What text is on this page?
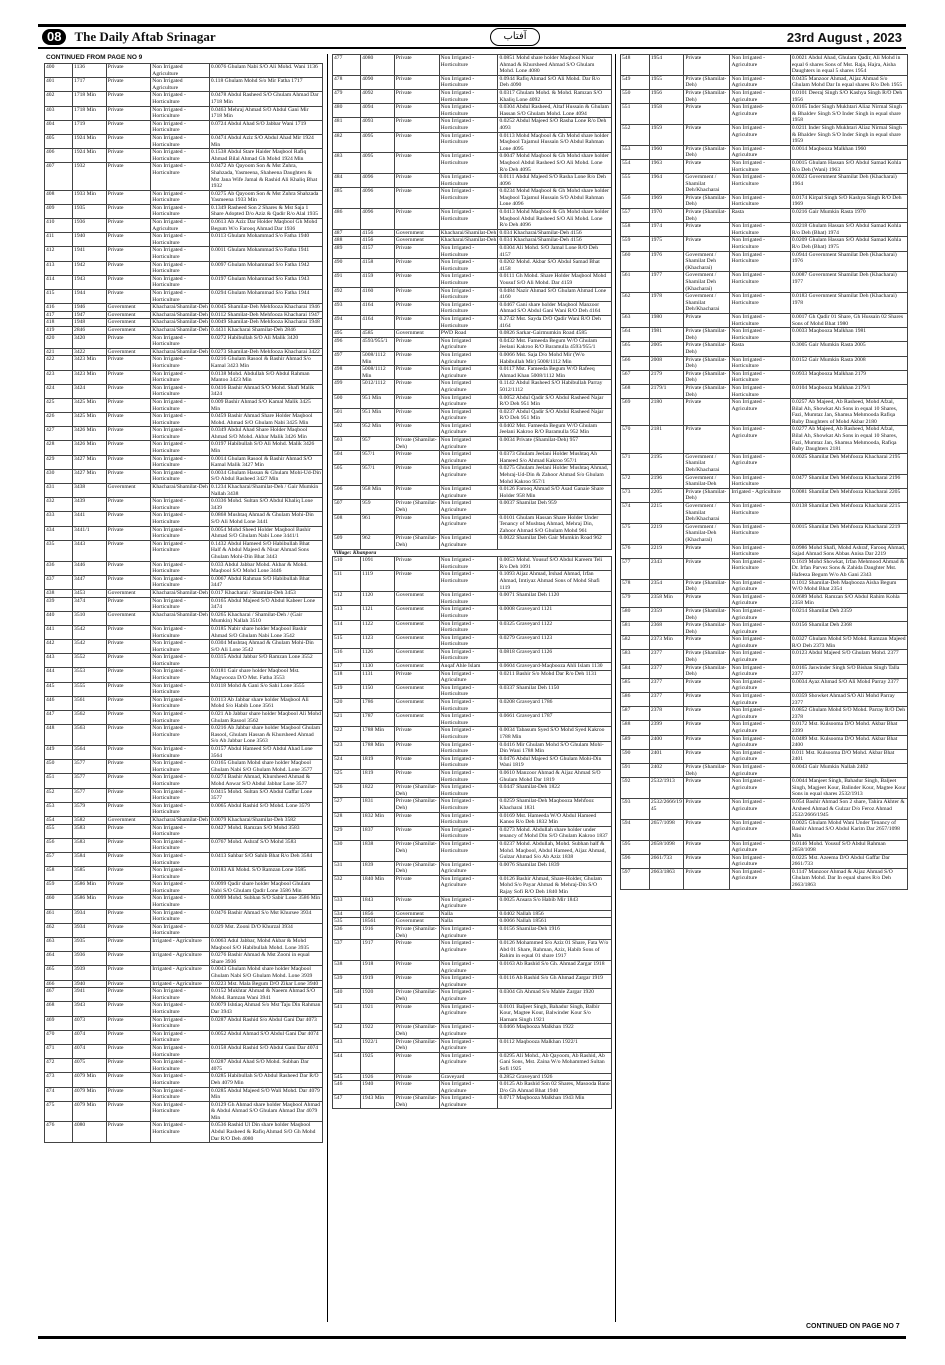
08	The Daily Aftab Srinagar	آفتاب	23rd August , 2023
CONTINUED FROM PAGE NO 9
400	1136	Private	Non Irrigated Agriculture	0.0076 Ghulam Nabi S/O Ali Mohd. Wani 1136
401	1717	Private	Non Irrigated Agriculture	0.118 Ghulam Mohd S/o Mir Fatha 1717
402	1718 Min	Private	Non Irrigated - Horticulture	0.0478 Abdul Rasheed S/O Ghulam Ahmad Dar 1718 Min
403	1718 Min	Private	Non Irrigated - Horticulture	0.0463 Mehraj Ahmad S/O Abdul Gani Mir 1718 Min
404	1719	Private	Non Irrigated - Horticulture	0.0724 Abdul Ahad S/O Jabbar Wani 1719
405	1924 Min	Private	Non Irrigated - Horticulture	0.0474 Abdul Aziz S/O Abdul Ahad Mir 1924 Min
406	1924 Min	Private	Non Irrigated - Horticulture	0.1538 Abdul Stare Haider Maqbool Rafiq Ahmad Bilal Ahmad Gh Mohd 1924 Min
407	1932	Private	Non Irrigated - Horticulture	0.0472 Ab Qayoom Son & Mst Zuhra, Shahzada, Yasmeena, Shaheena Daughters & Mst Jana Wife Jamal & Rashid Ali Khaliq Bhat 1932
408	1933 Min	Private	Non Irrigated - Horticulture	0.0275 Ab Qayoom Son & Mst Zuhra Shahzada Yasmeena 1933 Min
409	1935	Private	Non Irrigated - Horticulture	0.1349 Rasheed Son 2 Shares & Mst Saja 1 Share Adopted D/o Aziz & Qadir R/o Alal 1935
410	1936	Private	Non Irrigated - Agriculture	0.0613 Ab Aziz Dar Holder Maqbool Gh Mohd Begum W/o Farooq Ahmad Dar 1936
411	1940	Private	Non Irrigated - Horticulture	0.0113 Ghulam Mohammad S/o Fatha 1940
412	1941	Private	Non Irrigated - Horticulture	0.0011 Ghulam Mohammad S/o Fatha 1941
413	1942	Private	Non Irrigated - Horticulture	0.0097 Ghulam Mohammad S/o Fatha 1942
414	1943	Private	Non Irrigated - Horticulture	0.0197 Ghulam Mohammad S/o Fatha 1943
415	1944	Private	Non Irrigated - Horticulture	0.0294 Ghulam Mohammad S/o Fatha 1944
416	1946	Government	Khacharai/Shamilat-Deh	0.0045 Shamilat-Deh Mehfooza Khacharai 1946
417	1947	Government	Khacharai/Shamilat-Deh	0.0112 Shamilat-Deh Mehfooza Khacharai 1947
418	1948	Government	Khacharai/Shamilat-Deh	0.0049 Shamilat-Deh Mehfooza Khacharai 1948
419	2846	Government	Khacharai/Shamilat-Deh	0.4431 Khacharai Shamilat-Deh 2846
420	3420	Private	Non Irrigated - Horticulture	0.0272 Habibullah S/O Ali Malik 3420
421	3422	Government	Khacharai/Shamilat-Deh	0.0273 Shamilat-Deh Mehfooza Khacharai 3422
422	3423 Min	Private	Non Irrigated - Horticulture	0.0216 Ghulam Rasool & Bashir Ahmad S/o Kamal 3423 Min
423	3423 Min	Private	Non Irrigated - Horticulture	0.0138 Mohd. Abdullah S/O Abdul Rahman Mantoo 3423 Min
424	3424	Private	Non Irrigated - Horticulture	0.0416 Bashir Ahmad S/O Mohd. Shafi Malik 3424
425	3425 Min	Private	Non Irrigated - Horticulture	0.009 Bashir Ahmad S/O Kamal Malik 3425 Min
426	3425 Min	Private	Non Irrigated - Horticulture	0.0459 Bashir Ahmad Share Holder Maqbool Mohd. Ahmad S/O Ghulam Nabi 3425 Min
427	3426 Min	Private	Non Irrigated - Horticulture	0.0349 Abdul Ahad Share Holder Maqbool Ahmad S/O Mohd. Akbar Malik 3426 Min
428	3426 Min	Private	Non Irrigated - Horticulture	0.0197 Habibullah S/O Ali Mohd. Malik 3426 Min
429	3427 Min	Private	Non Irrigated - Horticulture	0.0014 Ghulam Rasool & Bashir Ahmad S/O Kamal Malik 3427 Min
430	3427 Min	Private	Non Irrigated - Horticulture	0.0034 Ghulam Hassan & Ghulam Mohi-Ud-Din S/O Abdul Rasheed 3427 Min
431	3438	Government	Khacharai/Shamilat-Deh	0.1234 Khacharai/Shamilat-Deh / Gair Mumkin Nallah 3438
432	3439	Private	Non Irrigated - Horticulture	0.0336 Mohd. Sultan S/O Abdul Khaliq Lone 3439
433	3441	Private	Non Irrigated - Horticulture	0.0868 Mushtaq Ahmad & Ghulam Mohi-Din S/O Ali Mohd Lone 3441
434	3441/1	Private	Non Irrigated - Horticulture	0.0054 Mohd Sheed Holder Maqbool Bashir Ahmad S/O Ghulam Nabi Lone 3441/1
435	3443	Private	Non Irrigated - Horticulture	0.1432 Abdul Hameed S/O Habibullah Bhat Half & Abdul Majeed & Nisar Ahmad Sons Ghulam Mohi-Din Bhat 3443
436	3446	Private	Non Irrigated - Horticulture	0.033 Abdul Jabbar Mohd. Akbar & Mohd. Maqbool S/O Mohd Lone 3446
437	3447	Private	Non Irrigated - Horticulture	0.0067 Abdul Rahman S/O Habibullah Bhat 3447
438	3453	Government	Khacharai/Shamilat-Deh	0.017 Khacharai / Shamilat-Deh 3453
439	3474	Private	Non Irrigated - Horticulture	0.0165 Abdul Majeed S/O Abdul Kabeer Lone 3474
440	3510	Government	Khacharai/Shamilat-Deh	0.0265 Khacharai / Shamilat-Deh / (Gair Mumkin) Nallah 3510
441	3542	Private	Non Irrigated - Horticulture	0.0185 Nabir share holder Maqbool Bashir Ahmad S/O Ghulam Nabi Lone 3542
442	3542	Private	Non Irrigated - Horticulture	0.0304 Mushtaq Ahmad & Ghulam Mohi-Din S/O Ali Lone 3542
443	3552	Private	Non Irrigated - Horticulture	0.0315 Abdul Jabbar S/O Ramzan Lone 3552
444	3553	Private	Non Irrigated - Horticulture	0.0181 Gair share holder Maqbool Mst. Magwooza D/O Mst. Fatha 3553
445	3555	Private	Non Irrigated - Horticulture	0.0118 Mohd & Gani S/o Sahi Lone 3555
446	3561	Private	Non Irrigated - Horticulture	0.0113 Ab Jabbar share holder Maqbool Ali Mohd S/o Habib Lone 3561
447	3562	Private	Non Irrigated - Horticulture	0.021 Ab Jabbar share holder Maqbool Ali Mohd Ghulam Rasool 3562
448	3563	Private	Non Irrigated - Horticulture	0.0216 Ab Jabbar share holder Maqbool Ghulam Rasool, Ghulam Hassan & Khursheed Ahmad S/o Ab Jabbar Lone 3563
449	3564	Private	Non Irrigated - Horticulture	0.0157 Abdul Hameed S/O Abdul Ahad Lone 3564
450	3577	Private	Non Irrigated - Horticulture	0.0165 Ghulam Mohd share holder Maqbool Ghulam Nabi S/O Ghulam Mohd. Lone 3577
451	3577	Private	Non Irrigated - Horticulture	0.0274 Bashir Ahmad, Khursheed Ahmad & Mohd Anwar S/O Abdul Jabbar Lone 3577
452	3577	Private	Non Irrigated - Horticulture	0.0415 Mohd. Sultan S/O Abdul Gaffar Lone 3577
453	3579	Private	Non Irrigated - Horticulture	0.0065 Abdul Rashid S/O Mohd. Lone 3579
454	3582	Government	Khacharai/Shamilat-Deh	0.0079 Khacharai/Shamilat-Deh 3582
455	3583	Private	Non Irrigated - Horticulture	0.0427 Mohd. Ramzan S/O Mohd 3583
456	3583	Private	Non Irrigated - Horticulture	0.0767 Mohd. Ashraf S/O Mohd 3583
457	3584	Private	Non Irrigated - Horticulture	0.0413 Sahbar S/O Sahib Bhat R/o Deh 3584
458	3585	Private	Non Irrigated - Horticulture	0.0183 Ali Mohd. S/O Ramzan Lone 3585
459	3586 Min	Private	Non Irrigated - Horticulture	0.0099 Qadir share holder Maqbool Ghulam Nabi S/O Ghulam Qadir Lone 3586 Min
460	3586 Min	Private	Non Irrigated - Horticulture	0.0099 Mohd. Subhan S/O Sabir Lone 3586 Min
461	3934	Private	Non Irrigated - Horticulture	0.0476 Bashir Ahmad S/o Mst Khursee 3934
462	3934	Private	Non Irrigated - Horticulture	0.029 Mst. Zooni D/O Khurzal 3934
463	3935	Private	Irrigated - Agriculture	0.0063 Adul Jabbar, Mohd Akbar & Mohd Maqbool S/O Habibullah Mohd. Lone 3935
464	3936	Private	Irrigated - Agriculture	0.0276 Bashir Ahmad & Mst Zooni in equal Share 3936
465	3939	Private	Irrigated - Agriculture	0.0043 Ghulam Mohd share holder Maqbool Ghulam Nabi S/O Ghulam Mohd. Lone 3939
466	3940	Private	Irrigated - Agriculture	0.0223 Mst. Mala Begum D/O Zikar Lone 3940
467	3941	Private	Non Irrigated - Horticulture	0.0152 Mukhtar Ahmad & Naeem Ahmad S/O Mohd. Ramzan Wani 3941
468	3943	Private	Non Irrigated - Horticulture	0.0079 Ishtiaq Ahmad S/o Mst Taju Din Rahman Dar 3943
469	4073	Private	Non Irrigated - Horticulture	0.0287 Abdul Rashid S/o Abdul Gani Dar 4073
470	4074	Private	Non Irrigated - Horticulture	0.0052 Abdul Ahmad S/O Abdul Gani Dar 4074
471	4074	Private	Non Irrigated - Horticulture	0.0158 Abdul Rashid S/O Abdul Gani Dar 4074
472	4075	Private	Non Irrigated - Horticulture	0.0287 Abdul Ahad S/O Mohd. Subhan Dar 4075
473	4079 Min	Private	Non Irrigated - Horticulture	0.0285 Habibullah S/O Abdul Rasheed Dar R/O Deh 4079 Min
474	4079 Min	Private	Non Irrigated - Horticulture	0.0285 Abdul Majeed S/O Wali Mohd. Dar 4079 Min
475	4079 Min	Private	Non Irrigated - Horticulture	0.0129 Gh Ahmad share holder Maqbool Ahmad & Abdul Ahmad S/O Ghulam Ahmad Dar 4079 Min
476	4080	Private	Non Irrigated - Horticulture	0.0536 Rashid Ul Din share holder Maqbool Abdul Rasheed & Rafiq Ahmad S/O Gh Mohd Dar R/O Deh 4080
477	4080	Private	Non Irrigated - Horticulture	0.0851 Mohd share holder Maqbool Nisar Ahmad & Khursheed Ahmad S/O Ghulam Mohd. Lone 4080
478	4090	Private	Non Irrigated - Horticulture	0.0944 Rafiq Ahmad S/O Ali Mohd. Dar R/o Deh 4090
479	4092	Private	Non Irrigated - Horticulture	0.0317 Ghulam Mohd. & Mohd. Ramzan S/O Khaliq Lone 4092
480	4094	Private	Non Irrigated - Horticulture	0.0304 Abdul Rasheed, Altaf Hussain & Ghulam Hassan S/O Ghulam Mohd. Lone 4094
481	4093	Private	Non Irrigated - Horticulture	0.0252 Abdul Majeed S/O Rasha Lone R/o Deh 4093
482	4095	Private	Non Irrigated - Horticulture	0.0113 Mohd Maqbool & Gh Mohd share holder Maqbool Tajamul Hussain S/O Abdul Rahman Lone 4095
483	4095	Private	Non Irrigated - Horticulture	0.0047 Mohd Maqbool & Gh Mohd share holder Maqbool Abdul Rasheed S/O Ali Mohd. Lone R/o Deh 4095
484	4096	Private	Non Irrigated - Horticulture	0.0111 Abdul Majeed S/O Rasha Lone R/o Deh 4096
485	4096	Private	Non Irrigated - Horticulture	0.0234 Mohd Maqbool & Gh Mohd share holder Maqbool Tajamul Hussain S/O Abdul Rahman Lone 4096
486	4096	Private	Non Irrigated - Horticulture	0.0413 Mohd Maqbool & Gh Mohd share holder Maqbool Abdul Rasheed S/O Ali Mohd. Lone R/o Deh 4096
487	4156	Government	Khacharai/Shamilat-Deh	0.034 Khacharai/Shamilat-Deh 4156
488	4156	Government	Khacharai/Shamilat-Deh	0.034 Khacharai/Shamilat-Deh 4156
489	4157	Private	Non Irrigated - Horticulture	0.0304 Ali Mohd. S/O Jamal Lone R/O Deh 4157
490	4158	Private	Non Irrigated - Horticulture	0.0202 Mohd. Akbar S/O Abdul Samad Bhat 4158
491	4159	Private	Non Irrigated - Horticulture	0.0111 Gh Mohd. Share Holder Maqbool Mohd Yousuf S/O Ali Mohd. Dar 4159
492	4160	Private	Non Irrigated - Horticulture	0.0484 Nazir Ahmad S/O Ghulam Ahmad Lone 4160
493	4164	Private	Non Irrigated - Horticulture	0.0467 Gani share holder Maqbool Manzoor Ahmad S/O Abdul Gani Wani R/O Deh 4164
494	4164	Private	Non Irrigated - Horticulture	0.2742 Mst. Sayda D/O Qadir Wani R/O Deh 4164
495	4585	Government	PWD Road	0.0826 Sarkar-Gairmumkin Road 4585
496	4593/955/1	Private	Non Irrigated Agriculture	0.0432 Mst. Fameeda Begum W/O Ghulam Jeelani Kakroo R/O Baramulla 4593/955/1
497	5008/1112 Min	Private	Non Irrigated Agriculture	0.0066 Mst. Saja D/o Mohd Mir (W/o Habibullah Mir) 5008/1112 Min
498	5008/1112 Min	Private	Non Irrigated Agriculture	0.0117 Mst. Fameeda Begum W/O Rafeeq Ahmad Khan 5008/1112 Min
499	5012/1112	Private	Non Irrigated Agriculture	0.1142 Abdul Rasheed S/O Habibullah Parray 5012/1112
500	951 Min	Private	Non Irrigated Agriculture	0.0052 Abdul Qadir S/O Abdul Rasheed Najar R/O Deh 951 Min
501	951 Min	Private	Non Irrigated Agriculture	0.0237 Abdul Qadir S/O Abdul Rasheed Najar R/O Deh 951 Min
502	952 Min	Private	Non Irrigated Agriculture	0.0402 Mst. Fameeda Begum W/O Ghulam Jeelani Kakroo R/O Baramulla 952 Min
503	957	Private (Shamilat-Deh)	Non Irrigated Agriculture	0.0034 Private (Shamilat-Deh) 957
504	957/1	Private	Non Irrigated Agriculture	0.0373 Ghulam Jeelani Holder Mushtaq Ah Hameed S/o Ahmad Kakroo 957/1
505	957/1	Private	Non Irrigated Agriculture	0.0275 Ghulam Jeelani Holder Mushtaq Ahmad, Mehraj-Ud-Din & Zahoor Ahmad S/o Ghulam Mohd Kakroo 957/1
506	958 Min	Private	Non Irrigated Agriculture	0.0126 Farooq Ahmad S/O Asad Ganaie Share Holder 958 Min
507	959	Private (Shamilat-Deh)	Non Irrigated Agriculture	0.0037 Shamilat Deh 959
508	961	Private	Non Irrigated Agriculture	0.0101 Ghulam Hassan Share Holder Under Tenancy of Mushtaq Ahmad, Mehraj Din, Zahoor Ahmad S/O Ghulam Mohd 961
509	962	Private (Shamilat-Deh)	Non Irrigated Agriculture	0.0022 Shamilat Deh Gair Mumkin Road 962
Village: Khanpora				
510	1091	Private	Non Irrigated - Horticulture	0.0053 Mohd. Yousuf S/O Abdul Kareem Teli R/o Deh 1091
511	1119	Private	Non Irrigated - Horticulture	0.1093 Aijaz Ahmad, Irshad Ahmad, Irfan Ahmad, Imtiyaz Ahmad Sons of Mohd Shafi 1119
512	1120	Government	Non Irrigated - Horticulture	0.0071 Shamilat Deh 1120
513	1121	Government	Non Irrigated - Horticulture	0.0008 Graveyard 1121
514	1122	Government	Non Irrigated - Horticulture	0.0325 Graveyard 1122
515	1123	Government	Non Irrigated - Horticulture	0.0279 Graveyard 1123
516	1126	Government	Non Irrigated - Horticulture	0.0818 Graveyard 1126
517	1130	Government	Auqaf Ahle Islam	0.0604 Graveyard-Maqbooza Ahli Islam 1130
518	1131	Private	Non Irrigated - Agriculture	0.0211 Bashir S/o Mohd Dar R/o Deh 1131
519	1150	Government	Non Irrigated - Horticulture	0.0337 Shamilat Deh 1150
520	1786	Government	Non Irrigated - Horticulture	0.0208 Graveyard 1786
521	1787	Government	Non Irrigated - Horticulture	0.0661 Graveyard 1787
522	1788 Min	Private	Non Irrigated - Horticulture	0.0034 Tabasum Syed S/O Mohd Syed Kakroo 1788 Min
523	1788 Min	Private	Non Irrigated - Horticulture	0.0416 Mir Ghulam Mohd S/O Ghulam Mohi-Din Wani 1788 Min
524	1819	Private	Non Irrigated - Horticulture	0.0476 Abdul Majeed S/O Ghulam Mohi-Din Wani 1819
525	1819	Private	Non Irrigated - Horticulture	0.0610 Manzoor Ahmad & Aijaz Ahmad S/O Ghulam Mohd Dar 1819
526	1822	Private (Shamilat-Deh)	Non Irrigated - Horticulture	0.0447 Shamilat-Deh 1822
527	1831	Private (Shamilat-Deh)	Non Irrigated - Horticulture	0.0259 Shamilat-Deh Maqbooza Mehfooz Khacharai 1831
528	1832 Min	Private	Non Irrigated - Horticulture	0.0169 Mst. Hameeda W/O Abdul Hameed Kanoo R/o Deh 1832 Min
529	1837	Private	Non Irrigated - Horticulture	0.0273 Mohd. Abdullah share holder under tenancy of Mohd Din S/O Ghulam Kakroo 1837
530	1838	Private (Shamilat-Deh)	Non Irrigated - Horticulture	0.0237 Mohd. Abdullah, Mohd. Subhan half & Mohd. Maqbool, Abdul Hameed, Aijaz Ahmad, Gulzar Ahmad S/o Ab Aziz 1838
531	1839	Private (Shamilat-Deh)	Non Irrigated - Agriculture	0.0076 Shamilat Deh 1839
532	1840 Min	Private	Non Irrigated - Agriculture	0.0126 Bashir Ahmad, Share-Holder, Ghulam Mohd S/o Payar Ahmad & Mehraj-Din S/O Rajay Sofi R/O Deh 1840 Min
533	1843	Private	Non Irrigated - Agriculture	0.0025 Ansara S/o Habib Mir 1843
534	1856	Government	Nalla	0.0402 Nallah 1856
535	18561	Government	Nalla	0.0066 Nallah 18561
536	1916	Private (Shamilat-Deh)	Non Irrigated - Agriculture	0.0156 Shamilat-Deh 1916
537	1917	Private	Non Irrigated - Agriculture	0.0126 Mohammed S/o Aziz 01 Share, Fata W/o Abd 01 Share, Rahman, Aziz, Habib Sons of Rahim in equal 01 share 1917
538	1918	Private	Non Irrigated - Agriculture	0.0163 Ab Rashid S/o Gh. Ahmad Zargar 1918
539	1919	Private	Non Irrigated - Agriculture	0.0116 Ab Rashid S/o Gh Ahmad Zargar 1919
540	1920	Private (Shamilat-Deh)	Non Irrigated - Agriculture	0.0304 Gh Ahmad S/o Mahle Zargar 1920
541	1921	Private	Non Irrigated - Agriculture	0.0101 Baljeet Singh, Bahadur Singh, Balbir Kour, Magtee Kour, Balwinder Kour S/o Harnam Singh 1921
542	1922	Private (Shamilat-Deh)	Non Irrigated - Agriculture	0.0466 Maqbooza Malkhan 1922
543	1922/1	Private (Shamilat-Deh)	Non Irrigated - Agriculture	0.0112 Maqbooza Malkhan 1922/1
544	1925	Private	Non Irrigated - Agriculture	0.0295 Ali Mohd., Ab Qayoom, Ab Rashid, Ab Gani Sons, Mst. Zaina W/o Mohammed Sultan Sofi 1925
545	1926	Private	Graveyard	0.2852 Graveyard 1926
546	1940	Private	Non Irrigated - Agriculture	0.0125 Ab Rashid Son 02 Shares, Masooda Bano D/o Gh Ahmad Bhat 1940
547	1943 Min	Private (Shamilat-Deh)	Non Irrigated - Agriculture	0.0717 Maqbooza Malkhan 1943 Min
548	1954	Private	Non Irrigated - Agriculture	0.0021 Abdul Ahad, Ghulam Qadir, Ali Mohd in equal 6 shares Sons of Mst. Raja, Hajra, Aisha Daughters in equal 5 shares 1954
549	1955	Private (Shamilat-Deh)	Non Irrigated - Agriculture	0.0435 Manzoor Ahmad, Aijaz Ahmad S/o Ghulam Mohd Dar In equal shares R/o Deh 1955
550	1956	Private (Shamilat-Deh)	Non Irrigated - Agriculture	0.0101 Deeraj Singh S/O Kashya Singh R/O Deh 1956
551	1958	Private	Non Irrigated- Agriculture	0.0165 Inder Singh Mukhtari Aliaz Nirmal Singh & Bhaldev Singh S/O Inder Singh in equal share 1958
552	1959	Private	Non Irrigated - Agriculture	0.0211 Inder Singh Mukhtari Aliaz Nirmal Singh & Bhaldev Singh S/O Inder Singh in equal share 1959
553	1960	Private (Shamilat-Deh)	Non Irrigated - Agriculture	0.0014 Maqbooza Malkhan 1960
554	1963	Private	Non Irrigated - Horticulture	0.0015 Ghulam Hassan S/O Abdul Samad Kohla R/o Deh (Wani) 1963
555	1964	Government / Shamilat Deh/Khacharai	Non Irrigated - Horticulture	0.0023 Government Shamilat Deh (Khacharai) 1964
556	1969	Private (Shamilat-Deh)	Non Irrigated - Horticulture	0.0174 Kirpal Singh S/O Kashya Singh R/O Deh 1969
557	1970	Private (Shamilat-Deh)	Rasta	0.0216 Gair Mumkin Rasta 1970
558	1974	Private	Non Irrigated - Horticulture	0.0218 Ghulam Hassan S/O Abdul Samad Kohla R/o Deh (Bhat) 1974
559	1975	Private	Non Irrigated - Horticulture	0.0209 Ghulam Hassan S/O Abdul Samad Kohla R/o Deh (Bhat) 1975
560	1976	Government / Shamilat Deh (Khacharai)	Non Irrigated - Horticulture	0.0944 Government Shamilat Deh (Khacharai) 1976
561	1977	Government / Shamilat Deh (Khacharai)	Non Irrigated - Horticulture	0.0087 Government Shamilat Deh (Khacharai) 1977
562	1978	Government / Shamilat Deh/Khacharai	Non Irrigated - Horticulture	0.0183 Government Shamilat Deh (Khacharai) 1978
563	1980	Private	Non Irrigated - Horticulture	0.0017 Gh Qadir 01 Share, Gh Hussain 02 Shares Sons of Mohd Bhat 1980
564	1981	Private (Shamilat-Deh)	Non Irrigated - Horticulture	0.0033 Maqbooza Malkhan 1981
565	2005	Private (Shamilat-Deh)	Rasta	0.3005 Gair Mumkin Rasta 2005
566	2008	Private (Shamilat-Deh)	Non Irrigated - Horticulture	0.0152 Gair Mumkin Rasta 2008
567	2179	Private (Shamilat-Deh)	Non Irrigated - Horticulture	0.0933 Maqbooza Malkhan 2179
568	2179/1	Private (Shamilat-Deh)	Non Irrigated - Horticulture	0.0104 Maqbooza Malkhan 2179/1
569	2180	Private	Non Irrigated - Agriculture	0.0257 Ab Majeed, Ab Rasheed, Mohd Afzal, Bilal Ah, Showkat Ah Sons in equal 10 Shares, Fazi, Mumtaz Jan, Shamsa Mehmooda Rafiqa Ruby Daughters of Mohd Akbar 2180
570	2181	Private	Non Irrigated - Agriculture	0.0277 Ab Majeed, Ab Rasheed, Mohd Afzal, Bilal Ah, Showkat Ah Sons in equal 10 Shares, Fazi, Mumtaz Jan, Shamsa Mehmooda, Rafiqa Ruby Daughters 2181
571	2195	Government / Shamilat Deh/Khacharai	Non Irrigated - Agriculture	0.0025 Shamilat Deh Mehfooza Khacharai 2195
572	2196	Government / Shamilat-Deh	Non Irrigated - Horticulture	0.0477 Shamilat Deh Mehfooza Khacharai 2196
573	2205	Private (Shamilat-Deh)	Irrigated - Agriculture	0.0081 Shamilat Deh Mehfooza Khacharai 2205
574	2215	Government / Shamilat Deh/Khacharai	Non Irrigated - Horticulture	0.0138 Shamilat Deh Mehfooza Khacharai 2215
575	2219	Government / Shamilat-Deh (Khacharai)	Non Irrigated - Horticulture	0.0015 Shamilat Deh Mehfooza Khacharai 2219
576	2219	Private	Non Irrigated - Horticulture	0.0986 Mohd Shafi, Mohd Ashraf, Farooq Ahmad, Sajad Ahmad Sons Abbas Anisa Dar 2219
577	2343	Private	Non Irrigated - Horticulture	0.1619 Mohd Showkat, Irfan Mehmood Ahmad & Dr. Irfan Parvez Sons & Zahida Daughter Mst. Hafeeza Begum W/o Ab Gani 2343
578	2354	Private (Shamilat-Deh)	Non Irrigated - Agriculture	0.1012 Shamilat-Deh Maqbooza Aisha Begum W/O Mohd Bhat 2354
579	2358 Min	Private	Non Irrigated - Agriculture	0.0689 Mohd. Ramzan S/O Abdul Rahim Kohla 2358 Min
580	2359	Private (Shamilat-Deh)	Non Irrigated - Agriculture	0.0214 Shamilat Deh 2359
581	2368	Private (Shamilat-Deh)	Non Irrigated - Agriculture	0.0156 Shamilat Deh 2368
582	2373 Min	Private	Non Irrigated - Agriculture	0.0327 Ghulam Mohd S/O Mohd. Ramzan Majeed R/O Deh 2373 Min
583	2377	Private (Shamilat-Deh)	Non Irrigated - Agriculture	0.0123 Abdul Majeed S/O Ghulam Mohd. 2377
584	2377	Private (Shamilat-Deh)	Non Irrigated - Agriculture	0.0165 Jaswinder Singh S/O Bishan Singh Talla 2377
585	2377	Private	Non Irrigated - Agriculture	0.0034 Ayaz Ahmad S/O Ali Mohd Parray 2377
586	2377	Private	Non Irrigated - Agriculture	0.0359 Showket Ahmad S/O Ali Mohd Parray 2377
587	2378	Private	Non Irrigated - Agriculture	0.0852 Ghulam Mohd S/O Mohd. Parray R/O Deh 2378
588	2399	Private	Non Irrigated - Agriculture	0.0172 Mst. Kulsooma D/O Mohd. Akbar Bhat 2399
589	2400	Private	Non Irrigated - Agriculture	0.0489 Mst. Kulsooma D/O Mohd. Akbar Bhat 2400
590	2401	Private	Non Irrigated - Agriculture	0.011 Mst. Kulsooma D/O Mohd. Akbar Bhat 2401
591	2402	Private (Shamilat-Deh)	Non Irrigated - Agriculture	0.0043 Gair Mumkin Nallah 2402
592	2532/1913	Private	Non Irrigated - Agriculture	0.0044 Manjeet Singh, Bahadur Singh, Baljeet Singh, Magjeet Kour, Balinder Kour, Magtee Kour Sons in equal shares 2532/1913
593	2532/2666/1945	Private	Non Irrigated - Agriculture	0.054 Bashir Ahmad Son 2 share, Tahira Akhter & Arsheed Ahmad & Gulzar D/o Feroz Ahmad 2532/2666/1945
594	2657/1098	Private	Non Irrigated - Agriculture	0.0025 Ghulam Mohd Wani Under Tenancy of Bashir Ahmad S/O Abdul Karim Dar 2657/1098 Min
595	2658/1098	Private	Non Irrigated - Agriculture	0.0146 Mohd. Yousuf S/O Abdul Rahman 2658/1098
596	2661/733	Private	Non Irrigated - Agriculture	0.0225 Mst. Azeema D/O Abdul Gaffar Dar 2661/733
597	2663/1863	Private	Non Irrigated - Agriculture	0.1147 Manzoor Ahmad & Aijaz Ahmad S/O Ghulam Mohd. Dar In equal shares R/o Deh 2663/1863
CONTINUED ON PAGE NO 7
